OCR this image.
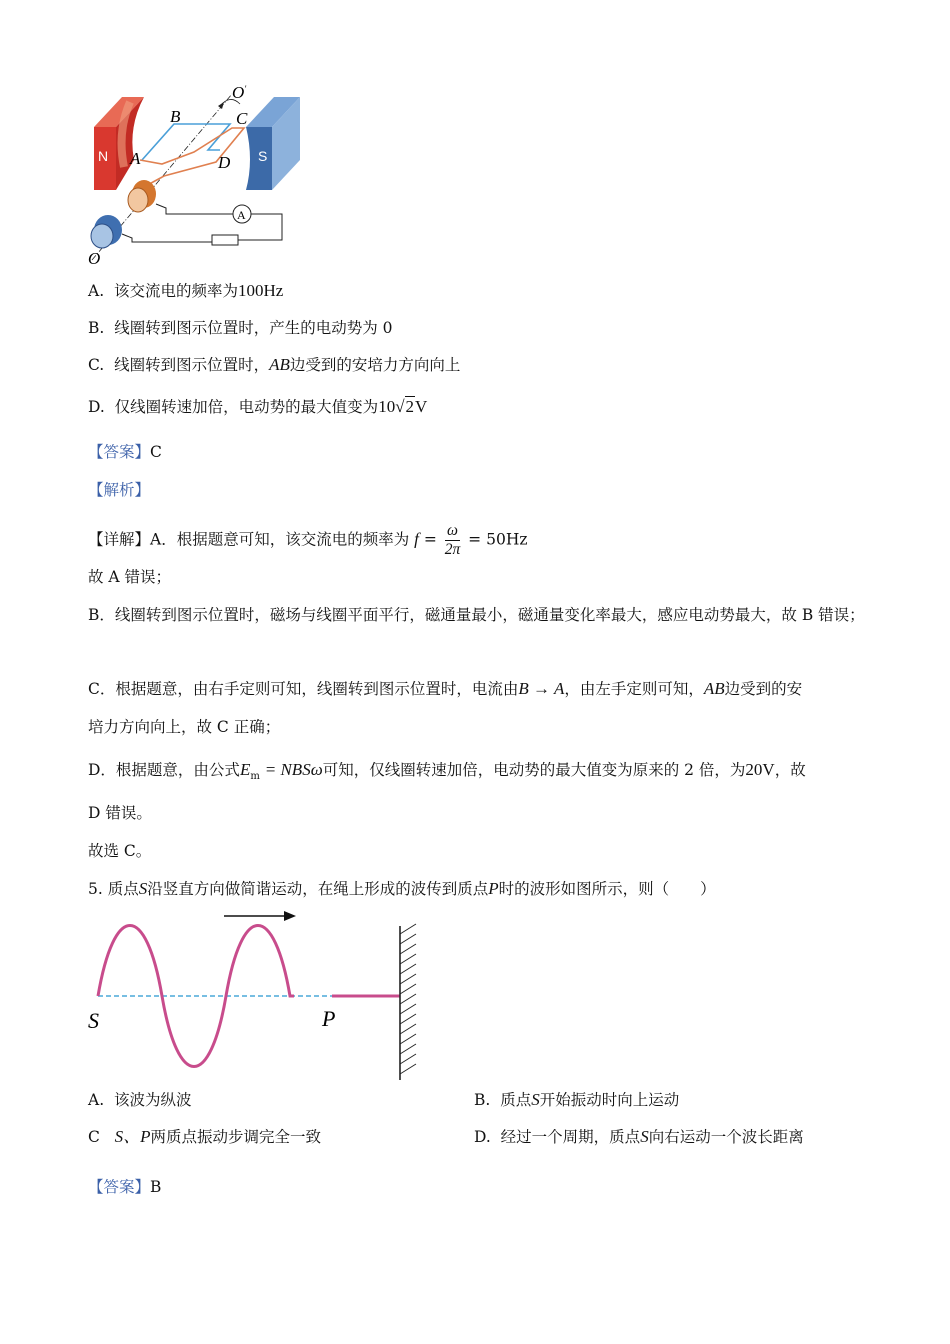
N	S
A
B	C
A	D
O'
O
A. 该交流电的频率为100Hz
B. 线圈转到图示位置时，产生的电动势为 0
C. 线圈转到图示位置时，AB边受到的安培力方向向上
D. 仅线圈转速加倍，电动势的最大值变为10√2V
【答案】C
【解析】
【详解】A．根据题意可知，该交流电的频率为 $f = \frac{\omega}{2\pi} = 50Hz$
故 A 错误；
B．线圈转到图示位置时，磁场与线圈平面平行，磁通量最小，磁通量变化率最大，感应电动势最大，故 B 错误；
C．根据题意，由右手定则可知，线圈转到图示位置时，电流由B → A，由左手定则可知，AB边受到的安
培力方向向上，故 C 正确；
D．根据题意，由公式$E_m = NBS\omega$可知，仅线圈转速加倍，电动势的最大值变为原来的 2 倍，为20V，故
D 错误。
故选 C。
5. 质点S沿竖直方向做简谐运动，在绳上形成的波传到质点P时的波形如图所示，则（　　）
S	P
A. 该波为纵波	B. 质点S开始振动时向上运动
C S、P两质点振动步调完全一致	D. 经过一个周期，质点S向右运动一个波长距离
【答案】B
